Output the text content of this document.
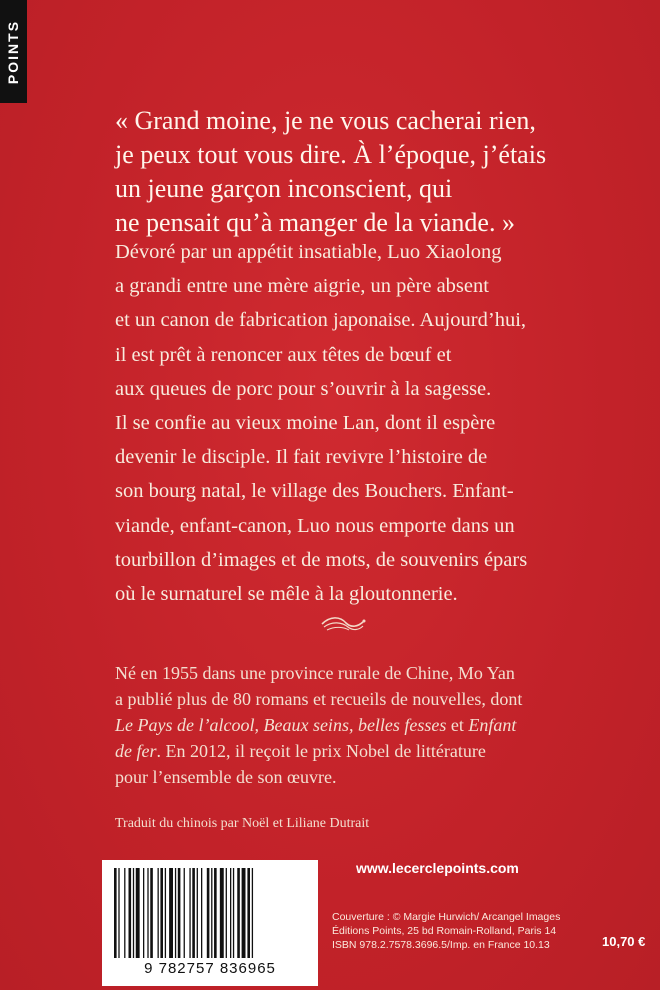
POINTS

« Grand moine, je ne vous cacherai rien,

je peux tout vous dire. À l’époque, j’étais

un jeune garçon inconscient, qui

ne pensait qu’à manger de la viande. »

Dévoré par un appétit insatiable, Luo Xiaolong

a grandi entre une mère aigrie, un père absent

et un canon de fabrication japonaise. Aujourd’hui,

il est prêt à renoncer aux têtes de bœuf et

aux queues de porc pour s’ouvrir à la sagesse.

Il se confie au vieux moine Lan, dont il espère

devenir le disciple. Il fait revivre l’histoire de

son bourg natal, le village des Bouchers. Enfant-

viande, enfant-canon, Luo nous emporte dans un

tourbillon d’images et de mots, de souvenirs épars

où le surnaturel se mêle à la gloutonnerie.

Né en 1955 dans une province rurale de Chine, Mo Yan

a publié plus de 80 romans et recueils de nouvelles, dont

Le Pays de l’alcool, Beaux seins, belles fesses et Enfant

de fer. En 2012, il reçoit le prix Nobel de littérature

pour l’ensemble de son œuvre.

Traduit du chinois par Noël et Liliane Dutrait
9 782757 836965
www.lecerclepoints.com

Couverture : © Margie Hurwich/ Arcangel Images

Éditions Points, 25 bd Romain-Rolland, Paris 14

ISBN 978.2.7578.3696.5/Imp. en France 10.13	10,70 €
